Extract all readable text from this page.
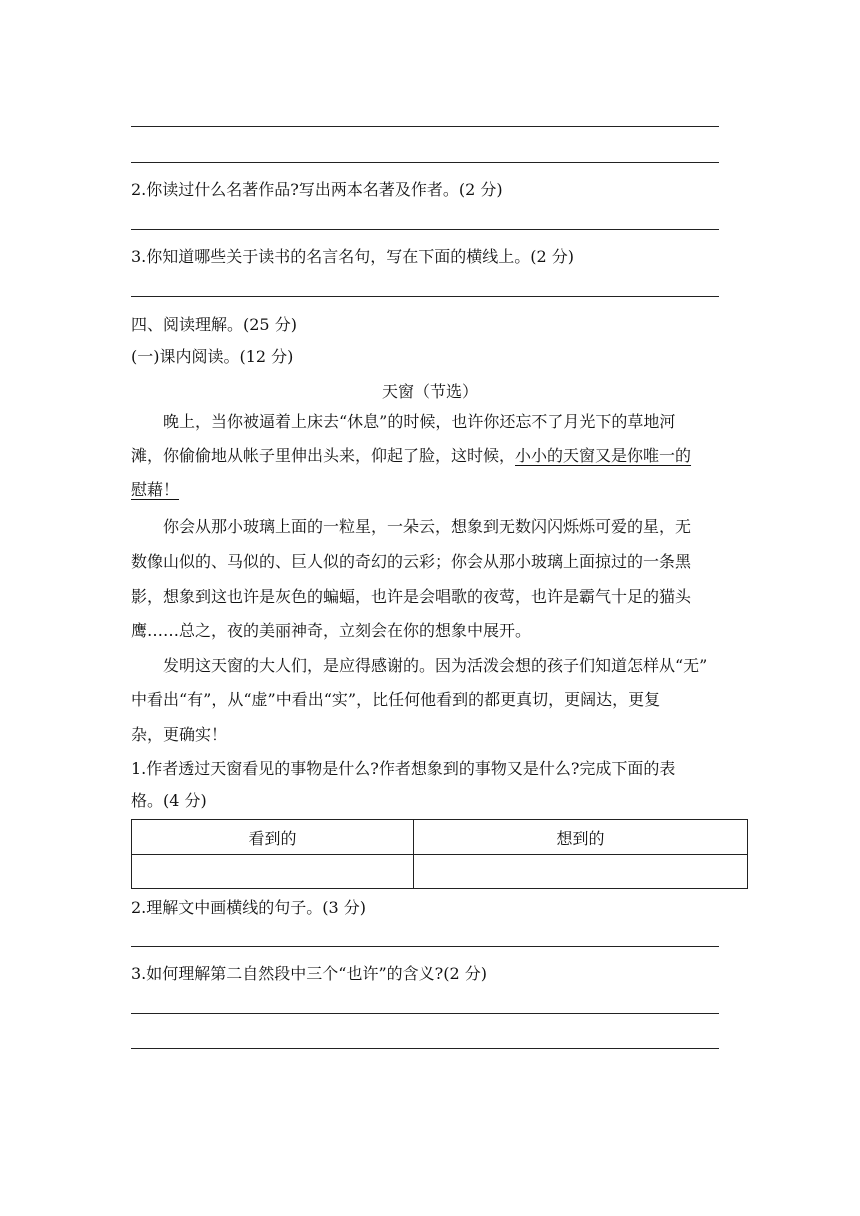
2.你读过什么名著作品?写出两本名著及作者。(2 分)
3.你知道哪些关于读书的名言名句，写在下面的横线上。(2 分)
四、阅读理解。(25 分)
(一)课内阅读。(12 分)
天窗（节选）
晚上，当你被逼着上床去“休息”的时候，也许你还忘不了月光下的草地河
滩，你偷偷地从帐子里伸出头来，仰起了脸，这时候，小小的天窗又是你唯一的
慰藉！
你会从那小玻璃上面的一粒星，一朵云，想象到无数闪闪烁烁可爱的星，无
数像山似的、马似的、巨人似的奇幻的云彩；你会从那小玻璃上面掠过的一条黑
影，想象到这也许是灰色的蝙蝠，也许是会唱歌的夜莺，也许是霸气十足的猫头
鹰……总之，夜的美丽神奇，立刻会在你的想象中展开。
发明这天窗的大人们，是应得感谢的。因为活泼会想的孩子们知道怎样从“无”
中看出“有”，从“虚”中看出“实”，比任何他看到的都更真切，更阔达，更复
杂，更确实！
1.作者透过天窗看见的事物是什么?作者想象到的事物又是什么?完成下面的表
格。(4 分)
看到的	想到的

2.理解文中画横线的句子。(3 分)
3.如何理解第二自然段中三个“也许”的含义?(2 分)
